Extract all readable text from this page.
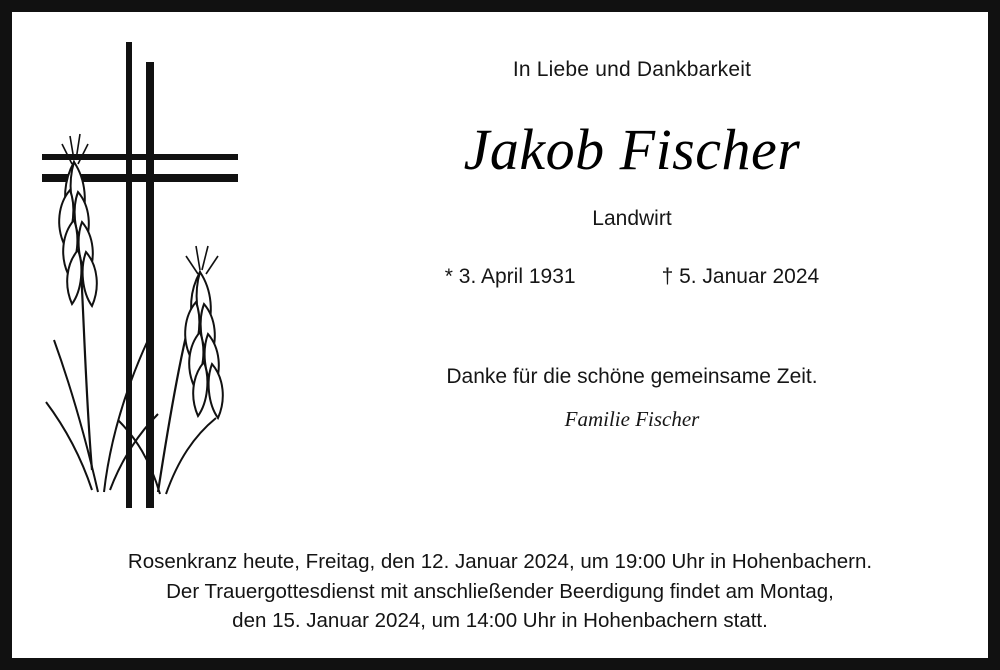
In Liebe und Dankbarkeit
Jakob Fischer
Landwirt
* 3. April 1931	† 5. Januar 2024
Danke für die schöne gemeinsame Zeit.
Familie Fischer
Rosenkranz heute, Freitag, den 12. Januar 2024, um 19:00 Uhr in Hohenbachern.
Der Trauergottesdienst mit anschließender Beerdigung findet am Montag,
den 15. Januar 2024, um 14:00 Uhr in Hohenbachern statt.
